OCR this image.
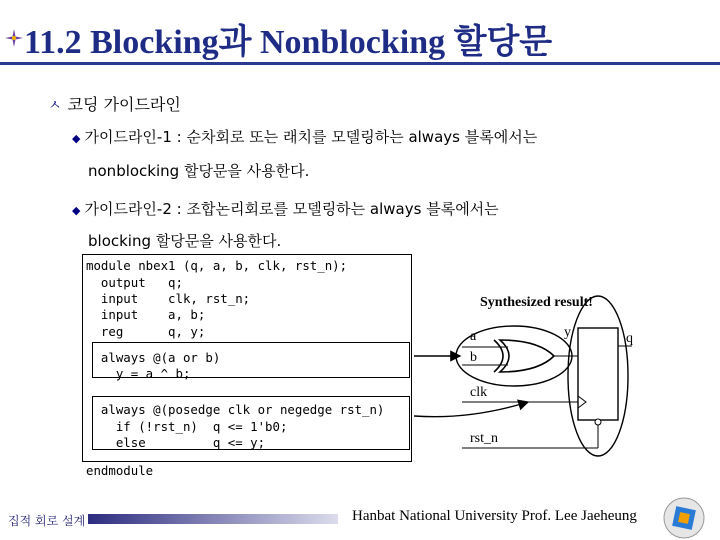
11.2 Blocking과 Nonblocking 할당문
ㅅ 코딩 가이드라인
◆ 가이드라인-1 : 순차회로 또는 래치를 모델링하는 always 블록에서는
nonblocking 할당문을 사용한다.
◆ 가이드라인-2 : 조합논리회로를 모델링하는 always 블록에서는
blocking 할당문을 사용한다.
module nbex1 (q, a, b, clk, rst_n);
output   q;
input    clk, rst_n;
input    a, b;
reg      q, y;
always @(a or b)
y = a ^ b;
always @(posedge clk or negedge rst_n)
if (!rst_n)  q <= 1'b0;
else         q <= y;
endmodule
Synthesized result!
a
b
y	q
clk
rst_n
집적 회로 설계	Hanbat National University Prof. Lee Jaeheung
